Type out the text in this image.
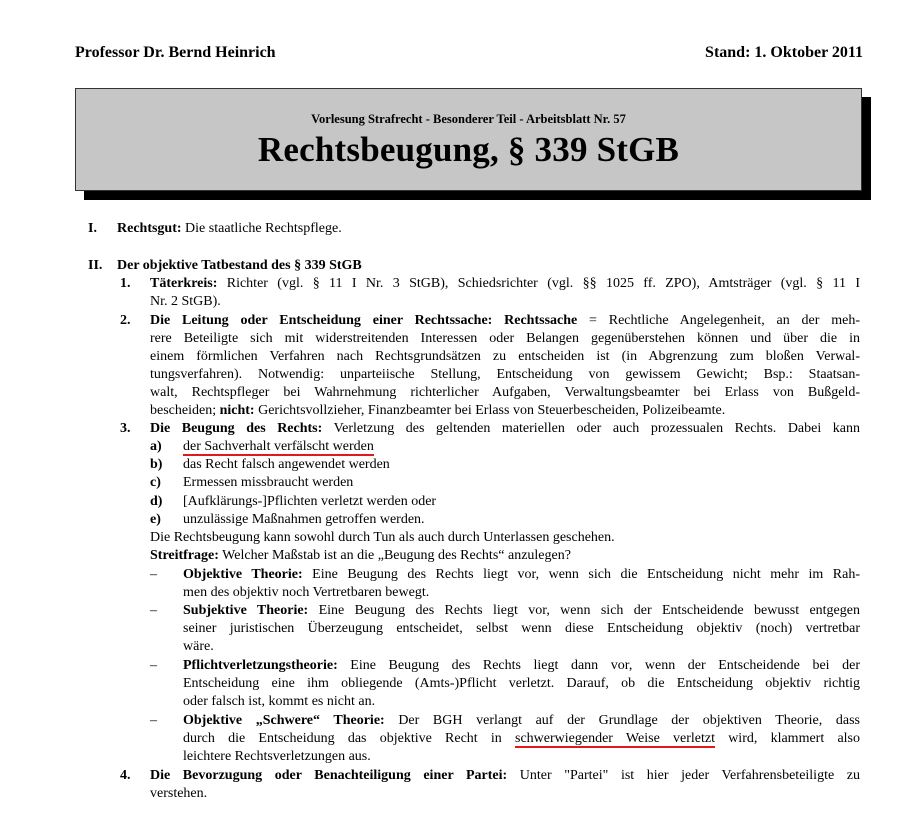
Professor Dr. Bernd Heinrich	Stand: 1. Oktober 2011
Vorlesung Strafrecht - Besonderer Teil - Arbeitsblatt Nr. 57
Rechtsbeugung, § 339 StGB
I. Rechtsgut: Die staatliche Rechtspflege.
II. Der objektive Tatbestand des § 339 StGB
1. Täterkreis: Richter (vgl. § 11 I Nr. 3 StGB), Schiedsrichter (vgl. §§ 1025 ff. ZPO), Amtsträger (vgl. § 11 I
Nr. 2 StGB).
2. Die Leitung oder Entscheidung einer Rechtssache: Rechtssache = Rechtliche Angelegenheit, an der meh-
rere Beteiligte sich mit widerstreitenden Interessen oder Belangen gegenüberstehen können und über die in
einem förmlichen Verfahren nach Rechtsgrundsätzen zu entscheiden ist (in Abgrenzung zum bloßen Verwal-
tungsverfahren). Notwendig: unparteiische Stellung, Entscheidung von gewissem Gewicht; Bsp.: Staatsan-
walt, Rechtspfleger bei Wahrnehmung richterlicher Aufgaben, Verwaltungsbeamter bei Erlass von Bußgeld-
bescheiden; nicht: Gerichtsvollzieher, Finanzbeamter bei Erlass von Steuerbescheiden, Polizeibeamte.
3. Die Beugung des Rechts: Verletzung des geltenden materiellen oder auch prozessualen Rechts. Dabei kann
a) der Sachverhalt verfälscht werden
b) das Recht falsch angewendet werden
c) Ermessen missbraucht werden
d) [Aufklärungs-]Pflichten verletzt werden oder
e) unzulässige Maßnahmen getroffen werden.
Die Rechtsbeugung kann sowohl durch Tun als auch durch Unterlassen geschehen.
Streitfrage: Welcher Maßstab ist an die „Beugung des Rechts“ anzulegen?
– Objektive Theorie: Eine Beugung des Rechts liegt vor, wenn sich die Entscheidung nicht mehr im Rah-
men des objektiv noch Vertretbaren bewegt.
– Subjektive Theorie: Eine Beugung des Rechts liegt vor, wenn sich der Entscheidende bewusst entgegen
seiner juristischen Überzeugung entscheidet, selbst wenn diese Entscheidung objektiv (noch) vertretbar
wäre.
– Pflichtverletzungstheorie: Eine Beugung des Rechts liegt dann vor, wenn der Entscheidende bei der
Entscheidung eine ihm obliegende (Amts-)Pflicht verletzt. Darauf, ob die Entscheidung objektiv richtig
oder falsch ist, kommt es nicht an.
– Objektive „Schwere“ Theorie: Der BGH verlangt auf der Grundlage der objektiven Theorie, dass
durch die Entscheidung das objektive Recht in schwerwiegender Weise verletzt wird, klammert also
leichtere Rechtsverletzungen aus.
4. Die Bevorzugung oder Benachteiligung einer Partei: Unter "Partei" ist hier jeder Verfahrensbeteiligte zu
verstehen.
